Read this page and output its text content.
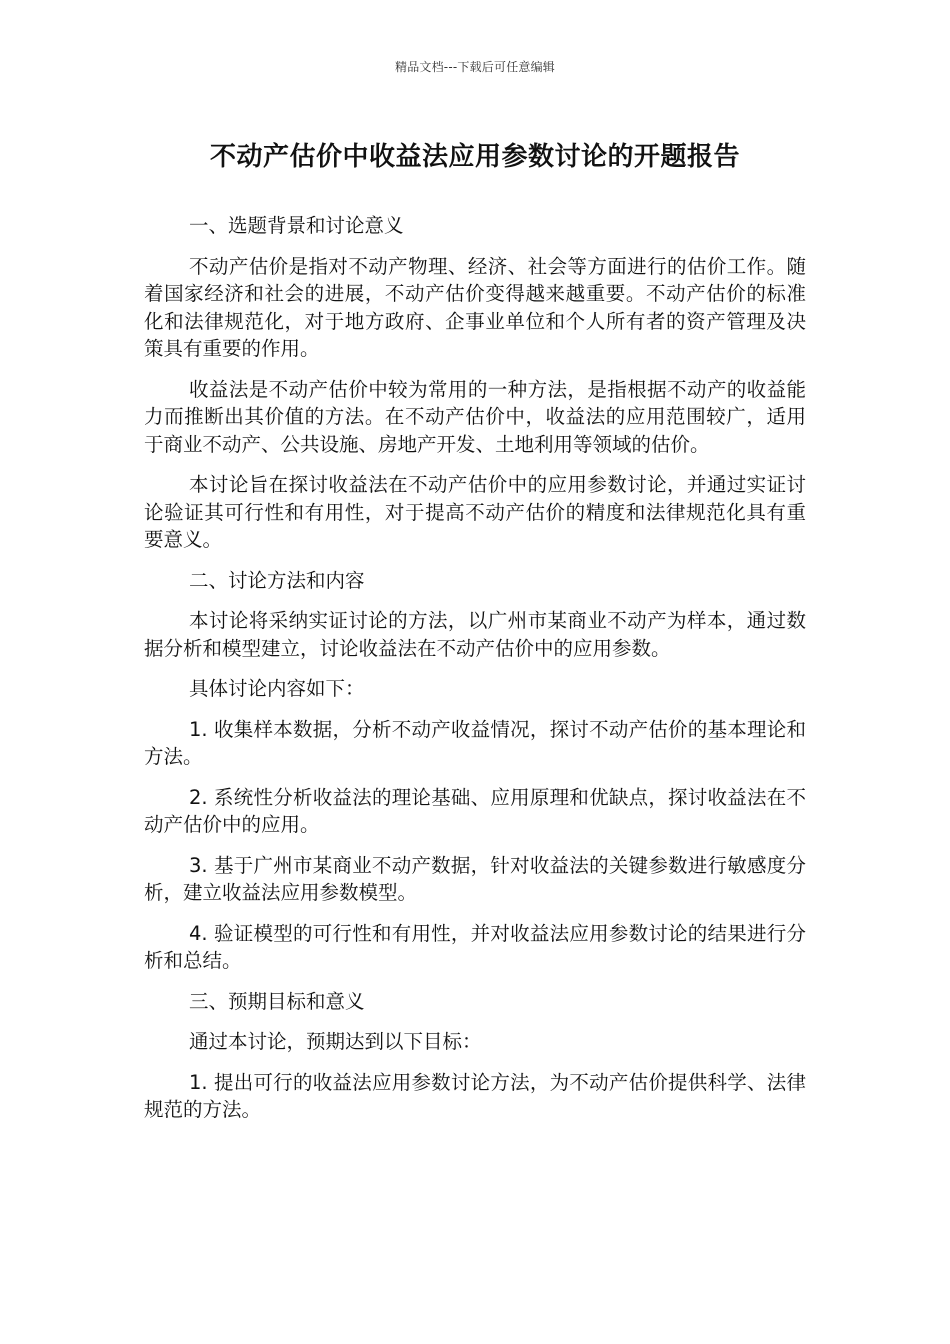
精品文档---下载后可任意编辑
不动产估价中收益法应用参数讨论的开题报告

一、选题背景和讨论意义

不动产估价是指对不动产物理、经济、社会等方面进行的估价工作。随着国家经济和社会的进展，不动产估价变得越来越重要。不动产估价的标准化和法律规范化，对于地方政府、企事业单位和个人所有者的资产管理及决策具有重要的作用。

收益法是不动产估价中较为常用的一种方法，是指根据不动产的收益能力而推断出其价值的方法。在不动产估价中，收益法的应用范围较广，适用于商业不动产、公共设施、房地产开发、土地利用等领域的估价。

本讨论旨在探讨收益法在不动产估价中的应用参数讨论，并通过实证讨论验证其可行性和有用性，对于提高不动产估价的精度和法律规范化具有重要意义。

二、讨论方法和内容

本讨论将采纳实证讨论的方法，以广州市某商业不动产为样本，通过数据分析和模型建立，讨论收益法在不动产估价中的应用参数。

具体讨论内容如下：

1. 收集样本数据，分析不动产收益情况，探讨不动产估价的基本理论和方法。

2. 系统性分析收益法的理论基础、应用原理和优缺点，探讨收益法在不动产估价中的应用。

3. 基于广州市某商业不动产数据，针对收益法的关键参数进行敏感度分析，建立收益法应用参数模型。

4. 验证模型的可行性和有用性，并对收益法应用参数讨论的结果进行分析和总结。

三、预期目标和意义

通过本讨论，预期达到以下目标：

1. 提出可行的收益法应用参数讨论方法，为不动产估价提供科学、法律规范的方法。
